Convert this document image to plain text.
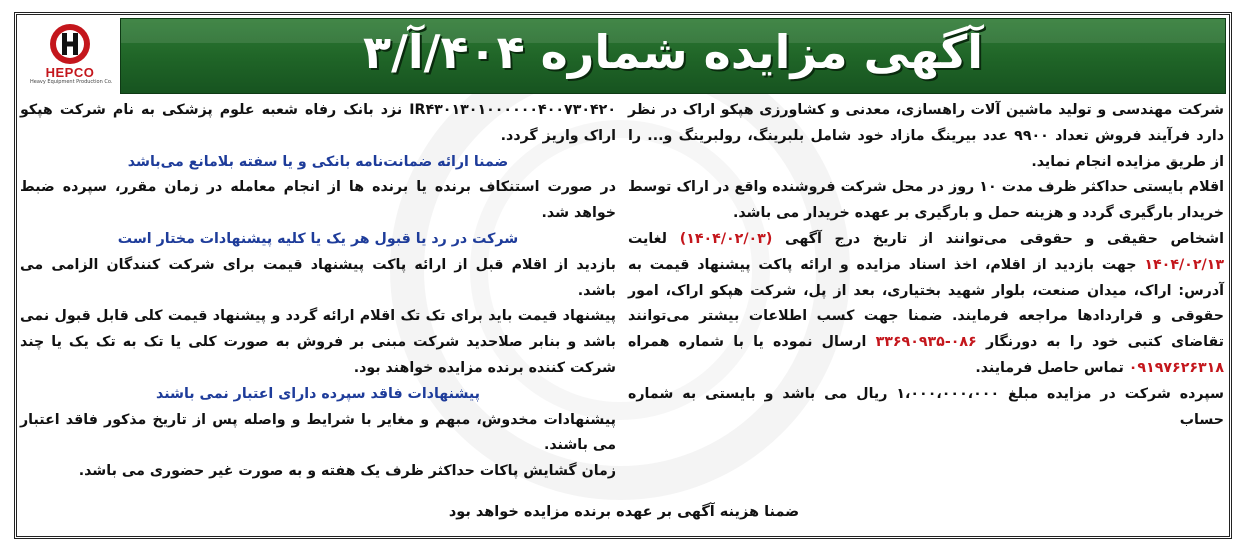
HEPCO
Heavy Equipment Production Co.
آگهی مزایده شماره ۴۰۴/آ/۳

شرکت مهندسی و تولید ماشین آلات راهسازی، معدنی و کشاورزی هپکو اراک در نظر دارد فرآیند فروش تعداد ۹۹۰۰ عدد بیرینگ مازاد خود شامل بلبرینگ، رولبرینگ و... را از طریق مزایده انجام نماید.

اقلام بایستی حداکثر ظرف مدت ۱۰ روز در محل شرکت فروشنده واقع در اراک توسط خریدار بارگیری گردد و هزینه حمل و بارگیری بر عهده خریدار می باشد.

اشخاص حقیقی و حقوقی می‌توانند از تاریخ درج آگهی (۱۴۰۴/۰۲/۰۳) لغایت ۱۴۰۴/۰۲/۱۳ جهت بازدید از اقلام، اخذ اسناد مزایده و ارائه پاکت پیشنهاد قیمت به آدرس: اراک، میدان صنعت، بلوار شهید بختیاری، بعد از پل، شرکت هپکو اراک، امور حقوقی و قراردادها مراجعه فرمایند. ضمنا جهت کسب اطلاعات بیشتر می‌توانند تقاضای کتبی خود را به دورنگار ۰۸۶-۳۳۶۹۰۹۳۵ ارسال نموده یا با شماره همراه ۰۹۱۹۷۶۲۶۳۱۸ تماس حاصل فرمایند.

سپرده شرکت در مزایده مبلغ ۱،۰۰۰،۰۰۰،۰۰۰ ریال می باشد و بایستی به شماره حساب

IR۴۳۰۱۳۰۱۰۰۰۰۰۰۴۰۰۷۳۰۴۲۰ نزد بانک رفاه شعبه علوم پزشکی به نام شرکت هپکو اراک واریز گردد.

ضمنا ارائه ضمانت‌نامه بانکی و یا سفته بلامانع می‌باشد

در صورت استنکاف برنده یا برنده ها از انجام معامله در زمان مقرر، سپرده ضبط خواهد شد.

شرکت در رد یا قبول هر یک یا کلیه پیشنهادات مختار است

بازدید از اقلام قبل از ارائه پاکت پیشنهاد قیمت برای شرکت کنندگان الزامی می باشد.

پیشنهاد قیمت باید برای تک تک اقلام ارائه گردد و پیشنهاد قیمت کلی قابل قبول نمی باشد و بنابر صلاحدید شرکت مبنی بر فروش به صورت کلی یا تک به تک یک یا چند شرکت کننده برنده مزایده خواهند بود.

پیشنهادات فاقد سپرده دارای اعتبار نمی باشند

پیشنهادات مخدوش، مبهم و مغایر با شرایط و واصله پس از تاریخ مذکور فاقد اعتبار می باشند.

زمان گشایش پاکات حداکثر ظرف یک هفته و به صورت غیر حضوری می باشد.

ضمنا هزینه آگهی بر عهده برنده مزایده خواهد بود
